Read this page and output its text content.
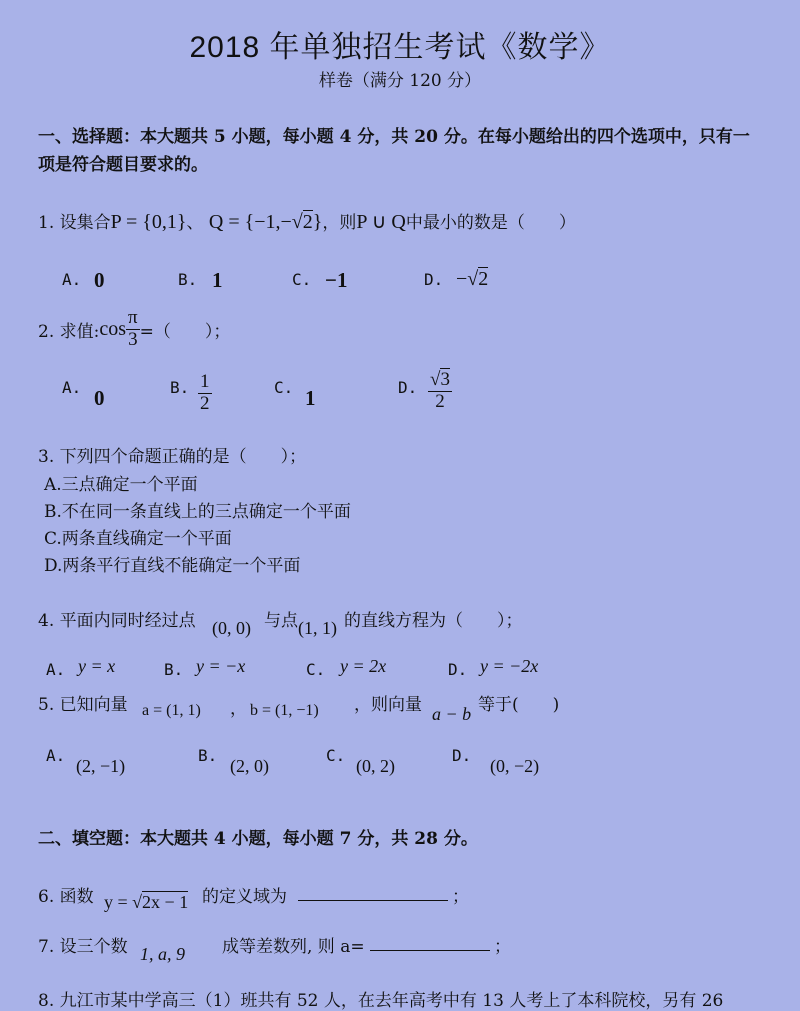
2018 年单独招生考试《数学》
样卷（满分 120 分）
一、选择题：本大题共 5 小题，每小题 4 分，共 20 分。在每小题给出的四个选项中，只有一
项是符合题目要求的。
1. 设集合P = {0,1}、 Q = {−1,−√2}，则P ∪ Q中最小的数是（　　）
A. 0	B. 1	C. −1	D. −√2
2. 求值: $\cos \frac{\pi}{3}$ =（　　）；
A. 0	B. $\frac{1}{2}$	C. 1	D. $\frac{√3}{2}$
3. 下列四个命题正确的是（　　）；
A.三点确定一个平面
B.不在同一条直线上的三点确定一个平面
C.两条直线确定一个平面
D.两条平行直线不能确定一个平面
4. 平面内同时经过点 (0, 0) 与点 (1, 1) 的直线方程为（　　）；
A. y = x	B. y = −x	C. y = 2x	D. y = −2x
5. 已知向量 a = (1, 1) ， b = (1, −1) ，则向量 a − b 等于(　　)
A.
(2, −1)
B.
(2, 0)
C.
(0, 2)
D.
(0, −2)
二、填空题：本大题共 4 小题，每小题 7 分，共 28 分。
6. 函数 y = √2x − 1 的定义域为	；
7. 设三个数 1, a, 9 成等差数列, 则 a=	；
8. 九江市某中学高三（1）班共有 52 人，在去年高考中有 13 人考上了本科院校，另有 26
